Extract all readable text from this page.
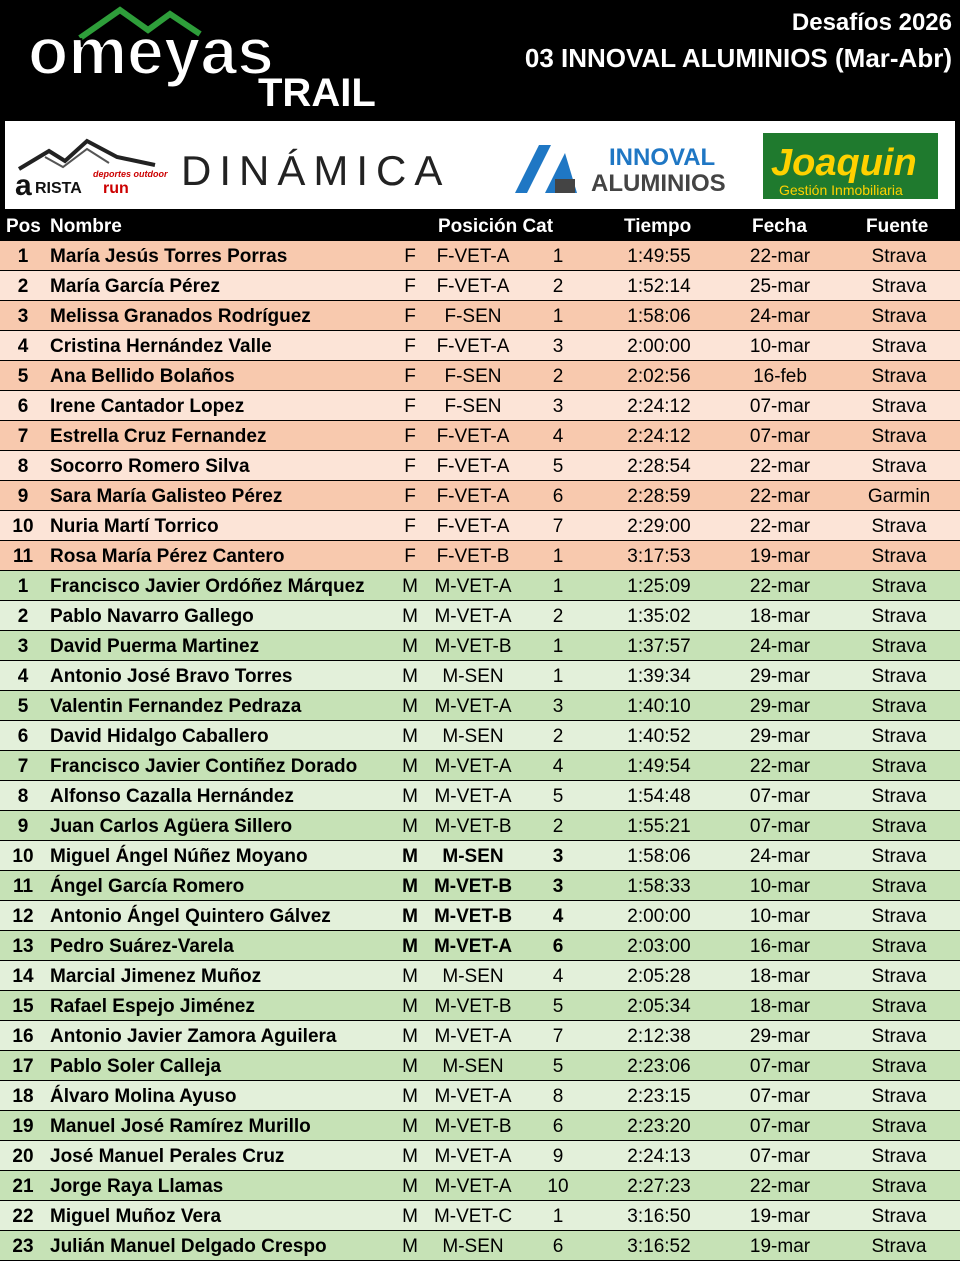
omeyas
TRAIL
Desafíos 2026
03 INNOVAL ALUMINIOS (Mar-Abr)
deportes outdoor
a RISTA run DINÁMICA	INNOVAL
ALUMINIOS Joaquin
Gestión Inmobiliaria
Pos Nombre	Posición Cat	Tiempo	Fecha	Fuente
1	María Jesús Torres Porras	F	F-VET-A	1	1:49:55	22-mar	Strava
2	María García Pérez	F	F-VET-A	2	1:52:14	25-mar	Strava
3	Melissa Granados Rodríguez	F	F-SEN	1	1:58:06	24-mar	Strava
4	Cristina Hernández Valle	F	F-VET-A	3	2:00:00	10-mar	Strava
5	Ana Bellido Bolaños	F	F-SEN	2	2:02:56	16-feb	Strava
6	Irene Cantador Lopez	F	F-SEN	3	2:24:12	07-mar	Strava
7	Estrella Cruz Fernandez	F	F-VET-A	4	2:24:12	07-mar	Strava
8	Socorro Romero Silva	F	F-VET-A	5	2:28:54	22-mar	Strava
9	Sara María Galisteo Pérez	F	F-VET-A	6	2:28:59	22-mar	Garmin
10 Nuria Martí Torrico	F	F-VET-A	7	2:29:00	22-mar	Strava
11 Rosa María Pérez Cantero	F	F-VET-B	1	3:17:53	19-mar	Strava
1	Francisco Javier Ordóñez Márquez	M M-VET-A	1	1:25:09	22-mar	Strava
2	Pablo Navarro Gallego	M M-VET-A	2	1:35:02	18-mar	Strava
3	David Puerma Martinez	M M-VET-B	1	1:37:57	24-mar	Strava
4	Antonio José Bravo Torres	M	M-SEN	1	1:39:34	29-mar	Strava
5	Valentin Fernandez Pedraza	M M-VET-A	3	1:40:10	29-mar	Strava
6	David Hidalgo Caballero	M	M-SEN	2	1:40:52	29-mar	Strava
7	Francisco Javier Contiñez Dorado	M M-VET-A	4	1:49:54	22-mar	Strava
8	Alfonso Cazalla Hernández	M M-VET-A	5	1:54:48	07-mar	Strava
9	Juan Carlos Agüera Sillero	M M-VET-B	2	1:55:21	07-mar	Strava
10 Miguel Ángel Núñez Moyano	M	M-SEN	3	1:58:06	24-mar	Strava
11 Ángel García Romero	M M-VET-B	3	1:58:33	10-mar	Strava
12 Antonio Ángel Quintero Gálvez	M M-VET-B	4	2:00:00	10-mar	Strava
13 Pedro Suárez-Varela	M M-VET-A	6	2:03:00	16-mar	Strava
14 Marcial Jimenez Muñoz	M	M-SEN	4	2:05:28	18-mar	Strava
15 Rafael Espejo Jiménez	M M-VET-B	5	2:05:34	18-mar	Strava
16 Antonio Javier Zamora Aguilera	M M-VET-A	7	2:12:38	29-mar	Strava
17 Pablo Soler Calleja	M	M-SEN	5	2:23:06	07-mar	Strava
18 Álvaro Molina Ayuso	M M-VET-A	8	2:23:15	07-mar	Strava
19 Manuel José Ramírez Murillo	M M-VET-B	6	2:23:20	07-mar	Strava
20 José Manuel Perales Cruz	M M-VET-A	9	2:24:13	07-mar	Strava
21 Jorge Raya Llamas	M M-VET-A	10	2:27:23	22-mar	Strava
22 Miguel Muñoz Vera	M M-VET-C	1	3:16:50	19-mar	Strava
23 Julián Manuel Delgado Crespo	M	M-SEN	6	3:16:52	19-mar	Strava
